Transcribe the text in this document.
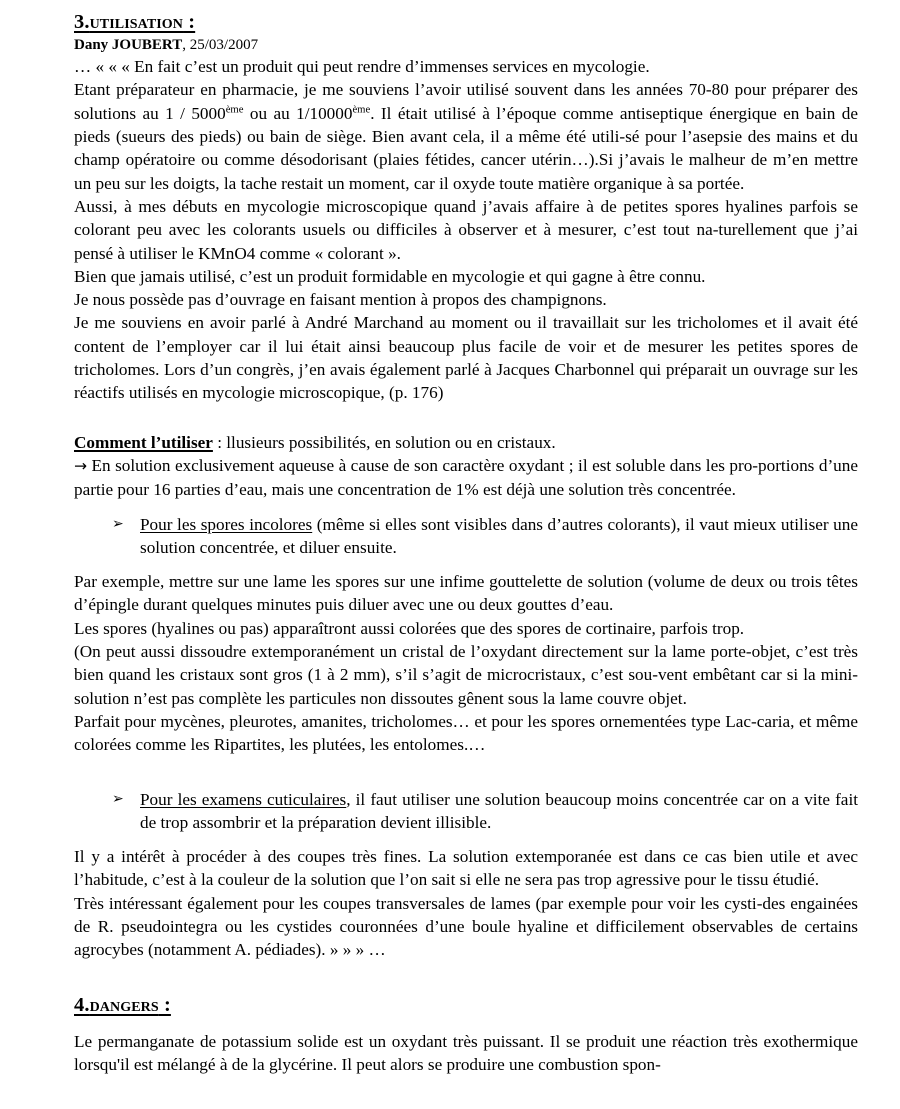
3.utilisation :
Dany JOUBERT, 25/03/2007

… « « « En fait c’est un produit qui peut rendre d’immenses services en mycologie.

Etant préparateur en pharmacie, je me souviens l’avoir utilisé souvent dans les années 70-80 pour préparer des solutions au 1 / 5000ème ou au 1/10000ème. Il était utilisé à l’époque comme antiseptique énergique en bain de pieds (sueurs des pieds) ou bain de siège. Bien avant cela, il a même été utili-sé pour l’asepsie des mains et du champ opératoire ou comme désodorisant (plaies fétides, cancer utérin…).Si j’avais le malheur de m’en mettre un peu sur les doigts, la tache restait un moment, car il oxyde toute matière organique à sa portée.

Aussi, à mes débuts en mycologie microscopique quand j’avais affaire à de petites spores hyalines parfois se colorant peu avec les colorants usuels ou difficiles à observer et à mesurer, c’est tout na-turellement que j’ai pensé à utiliser le KMnO4 comme « colorant ».

Bien que jamais utilisé, c’est un produit formidable en mycologie et qui gagne à être connu.

Je nous possède pas d’ouvrage en faisant mention à propos des champignons.

Je me souviens en avoir parlé à André Marchand au moment ou il travaillait sur les tricholomes et il avait été content de l’employer car il lui était ainsi beaucoup plus facile de voir et de mesurer les petites spores de tricholomes. Lors d’un congrès, j’en avais également parlé à Jacques Charbonnel qui préparait un ouvrage sur les réactifs utilisés en mycologie microscopique, (p. 176)

Comment l’utiliser : llusieurs possibilités, en solution ou en cristaux.

→ En solution exclusivement aqueuse à cause de son caractère oxydant ; il est soluble dans les pro-portions d’une partie pour 16 parties d’eau, mais une concentration de 1% est déjà une solution très concentrée.

➢ Pour les spores incolores (même si elles sont visibles dans d’autres colorants), il vaut mieux utiliser une solution concentrée, et diluer ensuite.

Par exemple, mettre sur une lame les spores sur une infime gouttelette de solution (volume de deux ou trois têtes d’épingle durant quelques minutes puis diluer avec une ou deux gouttes d’eau.

Les spores (hyalines ou pas) apparaîtront aussi colorées que des spores de cortinaire, parfois trop.

(On peut aussi dissoudre extemporanément un cristal de l’oxydant directement sur la lame porte-objet, c’est très bien quand les cristaux sont gros (1 à 2 mm), s’il s’agit de microcristaux, c’est sou-vent embêtant car si la mini-solution n’est pas complète les particules non dissoutes gênent sous la lame couvre objet.

Parfait pour mycènes, pleurotes, amanites, tricholomes… et pour les spores ornementées type Lac-caria, et même colorées comme les Ripartites, les plutées, les entolomes.…

➢ Pour les examens cuticulaires, il faut utiliser une solution beaucoup moins concentrée car on a vite fait de trop assombrir et la préparation devient illisible.

Il y a intérêt à procéder à des coupes très fines. La solution extemporanée est dans ce cas bien utile et avec l’habitude, c’est à la couleur de la solution que l’on sait si elle ne sera pas trop agressive pour le tissu étudié.

Très intéressant également pour les coupes transversales de lames (par exemple pour voir les cysti-des engainées de R. pseudointegra ou les cystides couronnées d’une boule hyaline et difficilement observables de certains agrocybes (notamment A. pédiades). » » » …

4.dangers :

Le permanganate de potassium solide est un oxydant très puissant. Il se produit une réaction très exothermique lorsqu'il est mélangé à de la glycérine. Il peut alors se produire une combustion spon-
